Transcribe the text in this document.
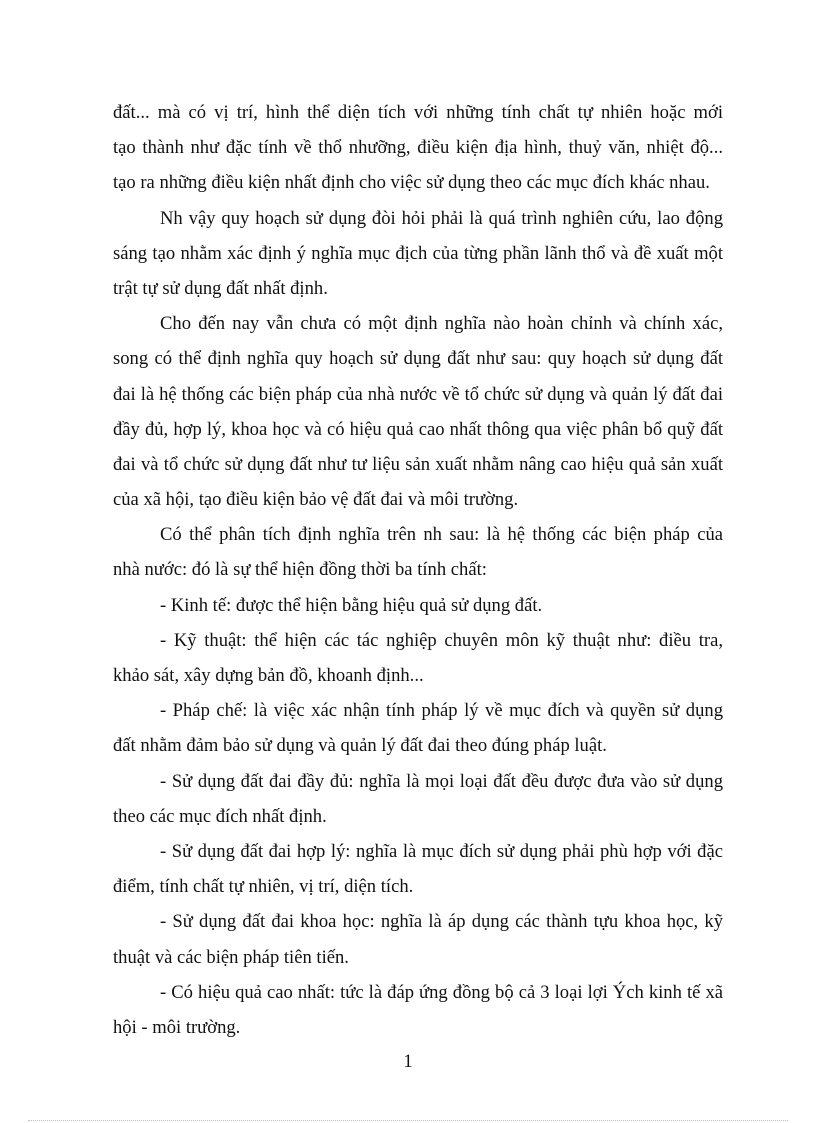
đất... mà có vị trí, hình thể diện tích với những tính chất tự nhiên hoặc mới
tạo thành như đặc tính về thổ nhưỡng, điều kiện địa hình, thuỷ văn, nhiệt độ...
tạo ra những điều kiện nhất định cho việc sử dụng theo các mục đích khác nhau.
Nh vậy quy hoạch sử dụng đòi hỏi phải là quá trình nghiên cứu, lao động
sáng tạo nhằm xác định ý nghĩa mục địch của từng phần lãnh thổ và đề xuất một
trật tự sử dụng đất nhất định.
Cho đến nay vẫn chưa có một định nghĩa nào hoàn chỉnh và chính xác,
song có thể định nghĩa quy hoạch sử dụng đất như sau: quy hoạch sử dụng đất
đai là hệ thống các biện pháp của nhà nước về tổ chức sử dụng và quản lý đất đai
đầy đủ, hợp lý, khoa học và có hiệu quả cao nhất thông qua việc phân bổ quỹ đất
đai và tổ chức sử dụng đất như tư liệu sản xuất nhằm nâng cao hiệu quả sản xuất
của xã hội, tạo điều kiện bảo vệ đất đai và môi trường.
Có thể phân tích định nghĩa trên nh sau: là hệ thống các biện pháp của
nhà nước: đó là sự thể hiện đồng thời ba tính chất:
- Kinh tế: được thể hiện bằng hiệu quả sử dụng đất.
- Kỹ thuật: thể hiện các tác nghiệp chuyên môn kỹ thuật như: điều tra,
khảo sát, xây dựng bản đồ, khoanh định...
- Pháp chế: là việc xác nhận tính pháp lý về mục đích và quyền sử dụng
đất nhằm đảm bảo sử dụng và quản lý đất đai theo đúng pháp luật.
- Sử dụng đất đai đầy đủ: nghĩa là mọi loại đất đều được đưa vào sử dụng
theo các mục đích nhất định.
- Sử dụng đất đai hợp lý: nghĩa là mục đích sử dụng phải phù hợp với đặc
điểm, tính chất tự nhiên, vị trí, diện tích.
- Sử dụng đất đai khoa học: nghĩa là áp dụng các thành tựu khoa học, kỹ
thuật và các biện pháp tiên tiến.
- Có hiệu quả cao nhất: tức là đáp ứng đồng bộ cả 3 loại lợi Ých kinh tế xã
hội - môi trường.
1
